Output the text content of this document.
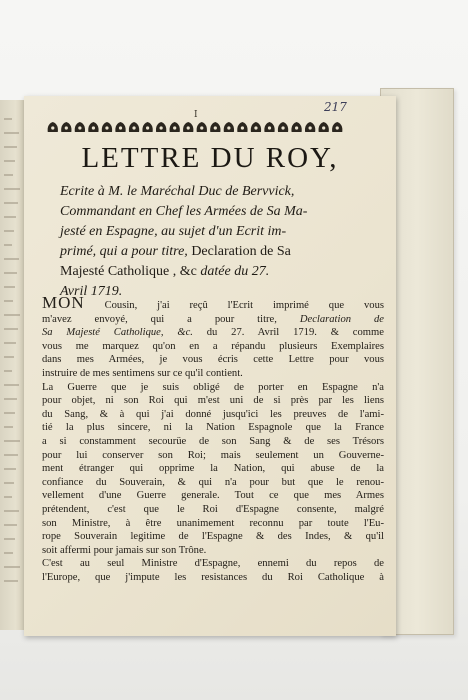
I
217
LETTRE DU ROY,
Ecrite à M. le Maréchal Duc de Bervvick,
Commandant en Chef les Armées de Sa Ma-
jesté en Espagne, au sujet d'un Ecrit im-
primé, qui a pour titre, Declaration de Sa
Majesté Catholique , &c datée du 27.
Avril 1719.
MON Cousin, j'ai reçû l'Ecrit imprimé que vous
m'avez envoyé, qui a pour titre, Declaration de
Sa Majesté Catholique, &c. du 27. Avril 1719. & comme
vous me marquez qu'on en a répandu plusieurs Exemplaires
dans mes Armées, je vous écris cette Lettre pour vous
instruire de mes sentimens sur ce qu'il contient.
La Guerre que je suis obligé de porter en Espagne n'a
pour objet, ni son Roi qui m'est uni de si près par les liens
du Sang, & à qui j'ai donné jusqu'ici les preuves de l'ami-
tié la plus sincere, ni la Nation Espagnole que la France
a si constamment secourüe de son Sang & de ses Trésors
pour lui conserver son Roi; mais seulement un Gouverne-
ment étranger qui opprime la Nation, qui abuse de la
confiance du Souverain, & qui n'a pour but que le renou-
vellement d'une Guerre generale. Tout ce que mes Armes
prétendent, c'est que le Roi d'Espagne consente, malgré
son Ministre, à être unanimement reconnu par toute l'Eu-
rope Souverain legitime de l'Espagne & des Indes, & qu'il
soit affermi pour jamais sur son Trône.
C'est au seul Ministre d'Espagne, ennemi du repos de
l'Europe, que j'impute les resistances du Roi Catholique à
